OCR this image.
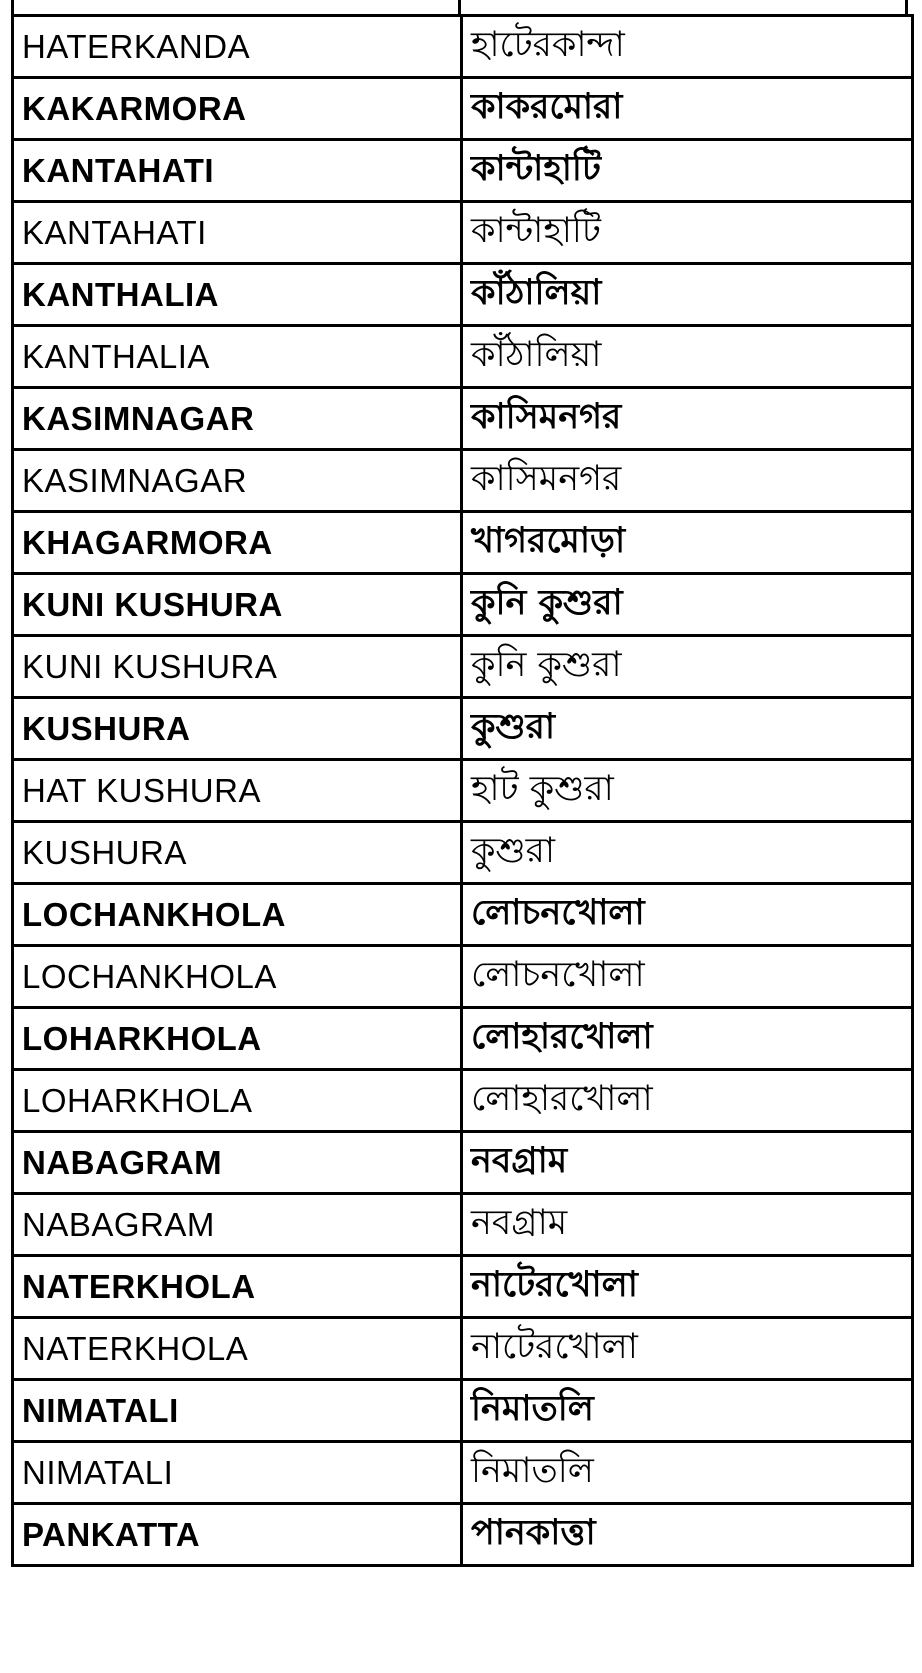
HATERKANDA	হাটেরকান্দা
KAKARMORA	কাকরমোরা
KANTAHATI	কান্টাহাটি
KANTAHATI	কান্টাহাটি
KANTHALIA	কাঁঠালিয়া
KANTHALIA	কাঁঠালিয়া
KASIMNAGAR	কাসিমনগর
KASIMNAGAR	কাসিমনগর
KHAGARMORA	খাগরমোড়া
KUNI KUSHURA	কুনি কুশুরা
KUNI KUSHURA	কুনি কুশুরা
KUSHURA	কুশুরা
HAT KUSHURA	হাট কুশুরা
KUSHURA	কুশুরা
LOCHANKHOLA	লোচনখোলা
LOCHANKHOLA	লোচনখোলা
LOHARKHOLA	লোহারখোলা
LOHARKHOLA	লোহারখোলা
NABAGRAM	নবগ্রাম
NABAGRAM	নবগ্রাম
NATERKHOLA	নাটেরখোলা
NATERKHOLA	নাটেরখোলা
NIMATALI	নিমাতলি
NIMATALI	নিমাতলি
PANKATTA	পানকাত্তা
